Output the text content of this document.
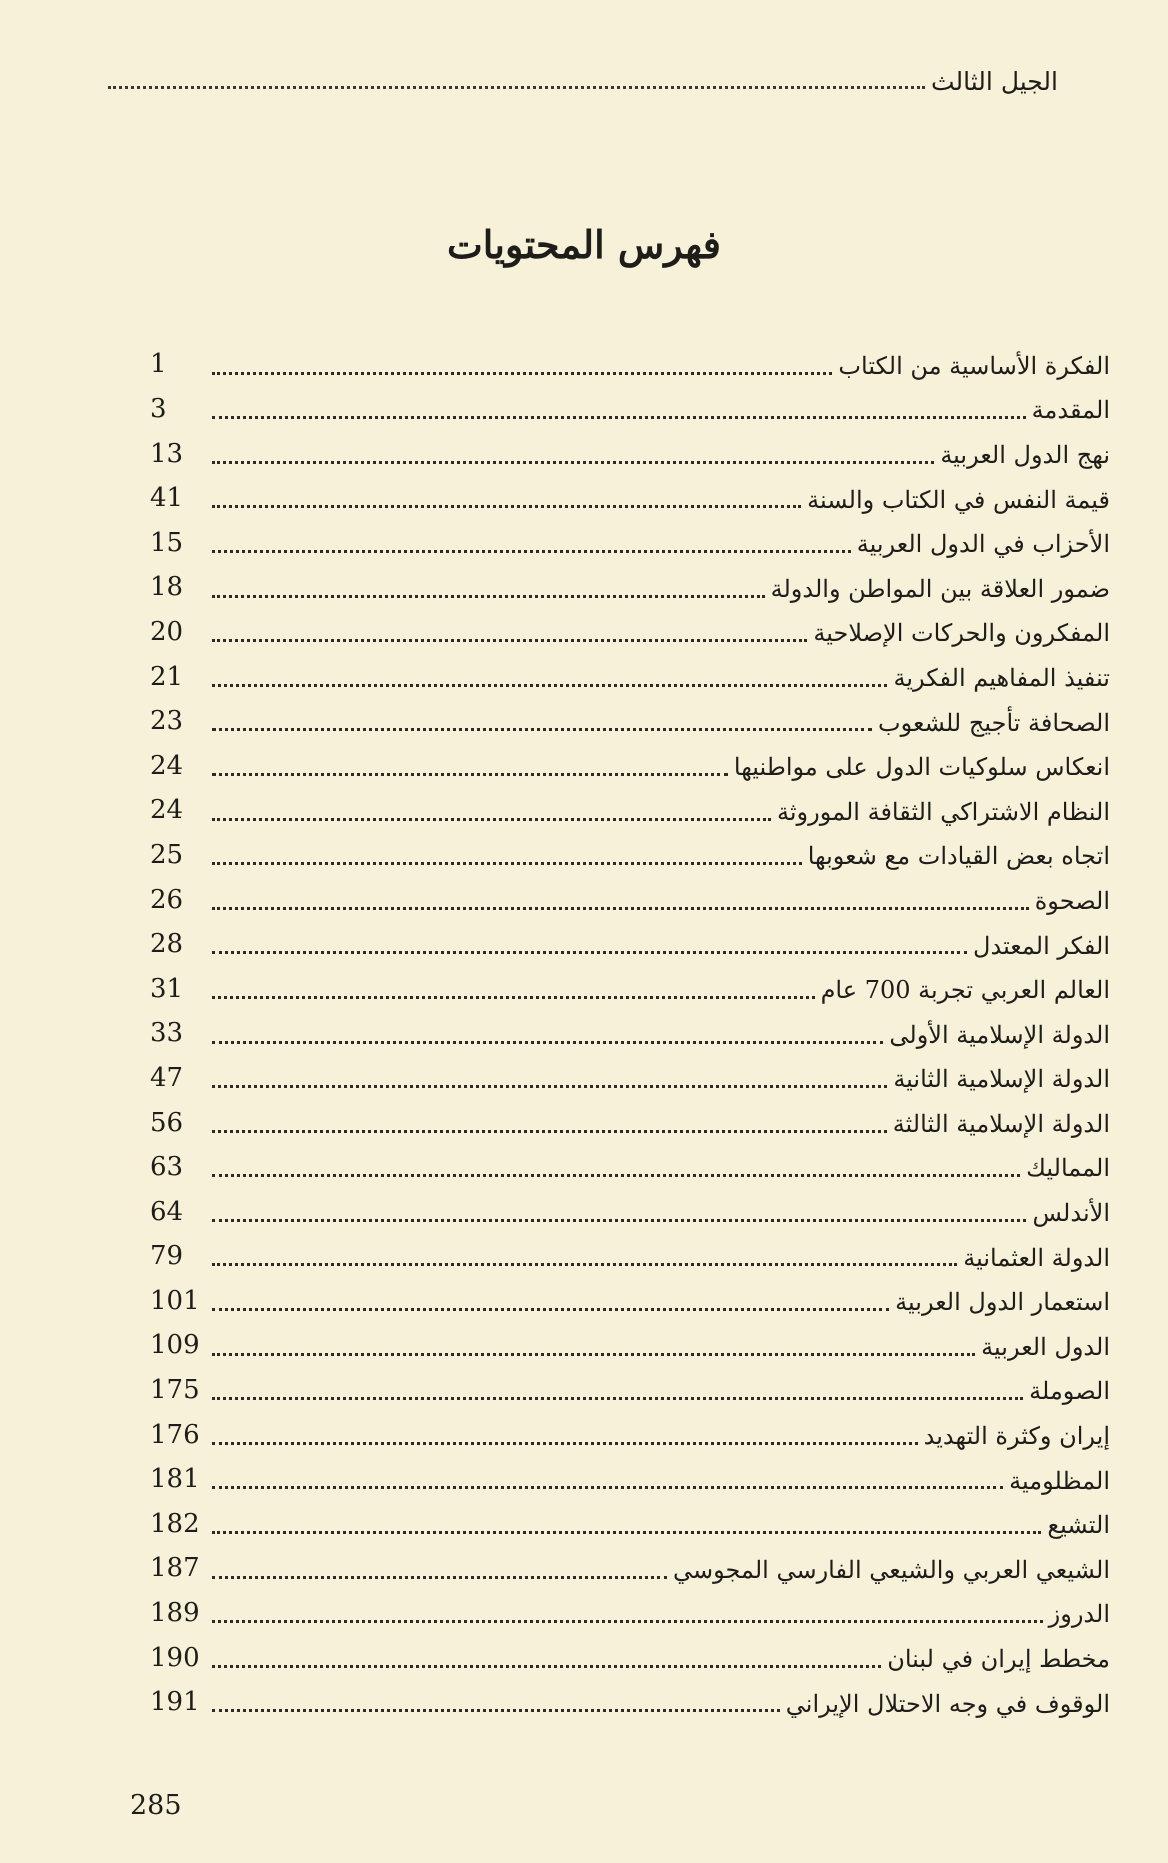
الجيل الثالث
فهرس المحتويات
الفكرة الأساسية من الكتاب
1
المقدمة
3
نهج الدول العربية
13
قيمة النفس في الكتاب والسنة
41
الأحزاب في الدول العربية
15
ضمور العلاقة بين المواطن والدولة
18
المفكرون والحركات الإصلاحية
20
تنفيذ المفاهيم الفكرية
21
الصحافة تأجيج للشعوب
23
انعكاس سلوكيات الدول على مواطنيها
24
النظام الاشتراكي الثقافة الموروثة
24
اتجاه بعض القيادات مع شعوبها
25
الصحوة
26
الفكر المعتدل
28
العالم العربي تجربة 700 عام
31
الدولة الإسلامية الأولى
33
الدولة الإسلامية الثانية
47
الدولة الإسلامية الثالثة
56
المماليك
63
الأندلس
64
الدولة العثمانية
79
استعمار الدول العربية
101
الدول العربية
109
الصوملة
175
إيران وكثرة التهديد
176
المظلومية
181
التشيع
182
الشيعي العربي والشيعي الفارسي المجوسي
187
الدروز
189
مخطط إيران في لبنان
190
الوقوف في وجه الاحتلال الإيراني
191
285
